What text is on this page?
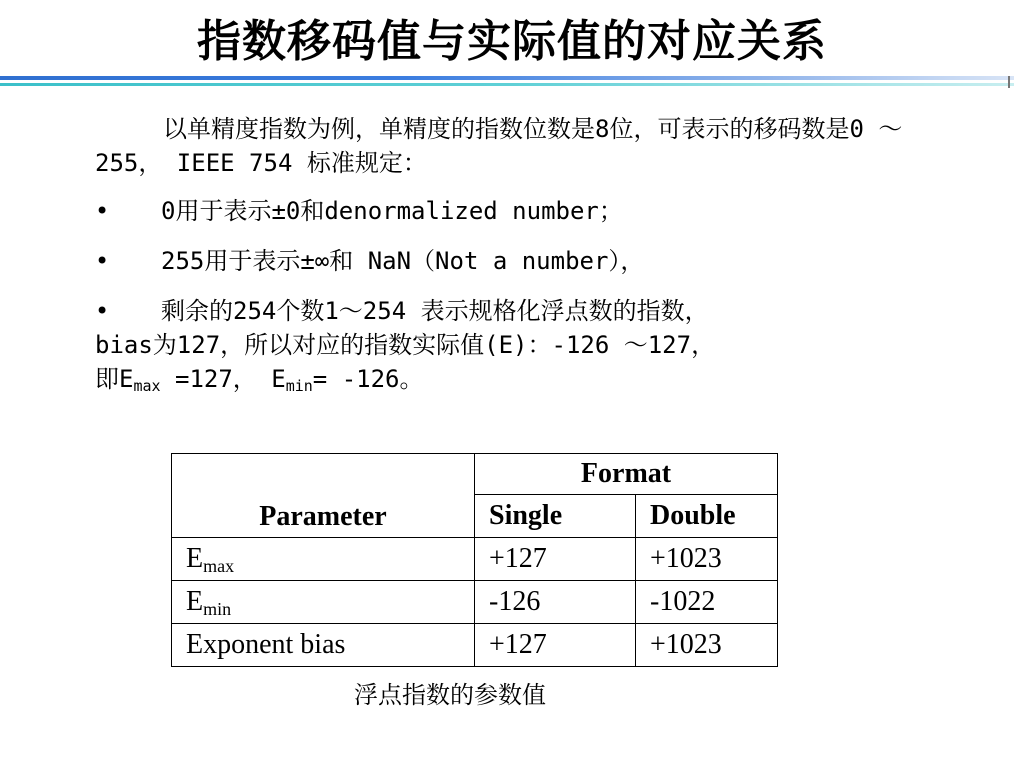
指数移码值与实际值的对应关系

以单精度指数为例，单精度的指数位数是8位，可表示的移码数是0 ～ 255， IEEE 754 标准规定：

• 0用于表示±0和denormalized number；
• 255用于表示±∞和 NaN（Not a number），
• 剩余的254个数1～254 表示规格化浮点数的指数，
bias为127，所以对应的指数实际值(E)：-126 ～127，
即$E_{max} =127$， $E_{min}= -126$。
Parameter	Format	
	Single	Double
$E_{max}$	+127	+1023
$E_{min}$	-126	-1022
Exponent bias	+127	+1023
浮点指数的参数值
